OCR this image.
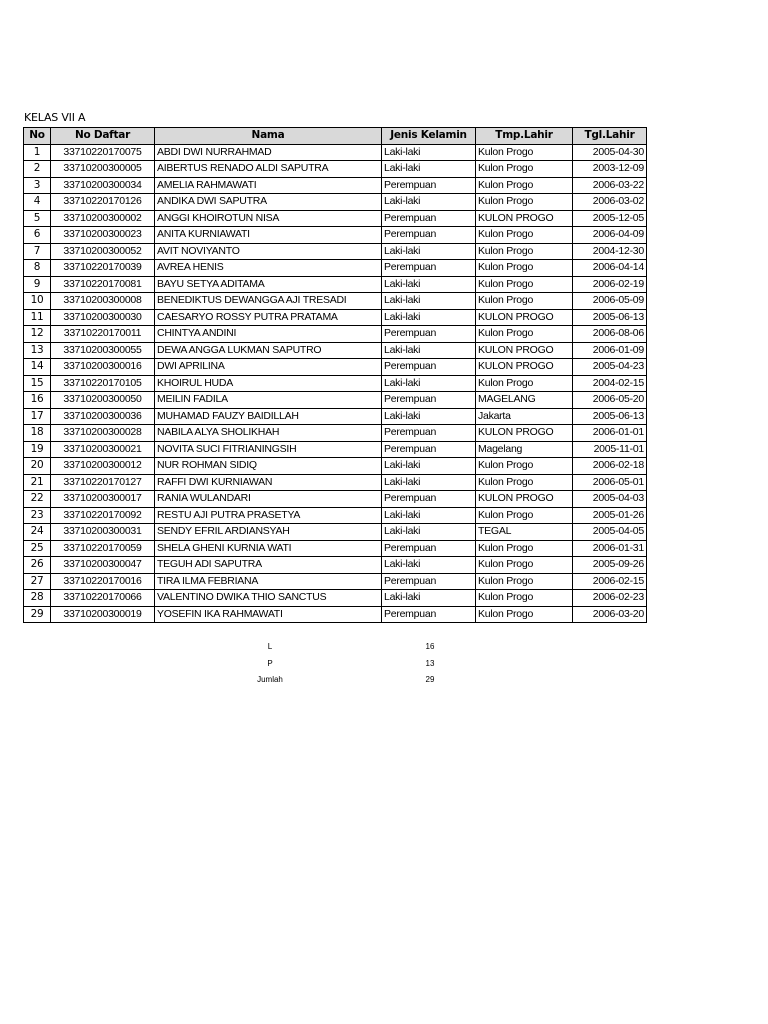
KELAS VII A
No	No Daftar	Nama	Jenis Kelamin	Tmp.Lahir	Tgl.Lahir
1	33710220170075	ABDI DWI NURRAHMAD	Laki-laki	Kulon Progo	2005-04-30
2	33710200300005	AIBERTUS RENADO ALDI SAPUTRA	Laki-laki	Kulon Progo	2003-12-09
3	33710200300034	AMELIA RAHMAWATI	Perempuan	Kulon Progo	2006-03-22
4	33710220170126	ANDIKA DWI SAPUTRA	Laki-laki	Kulon Progo	2006-03-02
5	33710200300002	ANGGI KHOIROTUN NISA	Perempuan	KULON PROGO	2005-12-05
6	33710200300023	ANITA KURNIAWATI	Perempuan	Kulon Progo	2006-04-09
7	33710200300052	AVIT NOVIYANTO	Laki-laki	Kulon Progo	2004-12-30
8	33710220170039	AVREA HENIS	Perempuan	Kulon Progo	2006-04-14
9	33710220170081	BAYU SETYA ADITAMA	Laki-laki	Kulon Progo	2006-02-19
10	33710200300008	BENEDIKTUS DEWANGGA AJI TRESADI	Laki-laki	Kulon Progo	2006-05-09
11	33710200300030	CAESARYO ROSSY PUTRA PRATAMA	Laki-laki	KULON PROGO	2005-06-13
12	33710220170011	CHINTYA ANDINI	Perempuan	Kulon Progo	2006-08-06
13	33710200300055	DEWA ANGGA LUKMAN SAPUTRO	Laki-laki	KULON PROGO	2006-01-09
14	33710200300016	DWI APRILINA	Perempuan	KULON PROGO	2005-04-23
15	33710220170105	KHOIRUL HUDA	Laki-laki	Kulon Progo	2004-02-15
16	33710200300050	MEILIN FADILA	Perempuan	MAGELANG	2006-05-20
17	33710200300036	MUHAMAD FAUZY BAIDILLAH	Laki-laki	Jakarta	2005-06-13
18	33710200300028	NABILA ALYA SHOLIKHAH	Perempuan	KULON PROGO	2006-01-01
19	33710200300021	NOVITA SUCI FITRIANINGSIH	Perempuan	Magelang	2005-11-01
20	33710200300012	NUR ROHMAN SIDIQ	Laki-laki	Kulon Progo	2006-02-18
21	33710220170127	RAFFI DWI KURNIAWAN	Laki-laki	Kulon Progo	2006-05-01
22	33710200300017	RANIA WULANDARI	Perempuan	KULON PROGO	2005-04-03
23	33710220170092	RESTU AJI PUTRA PRASETYA	Laki-laki	Kulon Progo	2005-01-26
24	33710200300031	SENDY EFRIL ARDIANSYAH	Laki-laki	TEGAL	2005-04-05
25	33710220170059	SHELA GHENI KURNIA WATI	Perempuan	Kulon Progo	2006-01-31
26	33710200300047	TEGUH ADI SAPUTRA	Laki-laki	Kulon Progo	2005-09-26
27	33710220170016	TIRA ILMA FEBRIANA	Perempuan	Kulon Progo	2006-02-15
28	33710220170066	VALENTINO DWIKA THIO SANCTUS	Laki-laki	Kulon Progo	2006-02-23
29	33710200300019	YOSEFIN IKA RAHMAWATI	Perempuan	Kulon Progo	2006-03-20
L	16
P	13
Jumlah	29
